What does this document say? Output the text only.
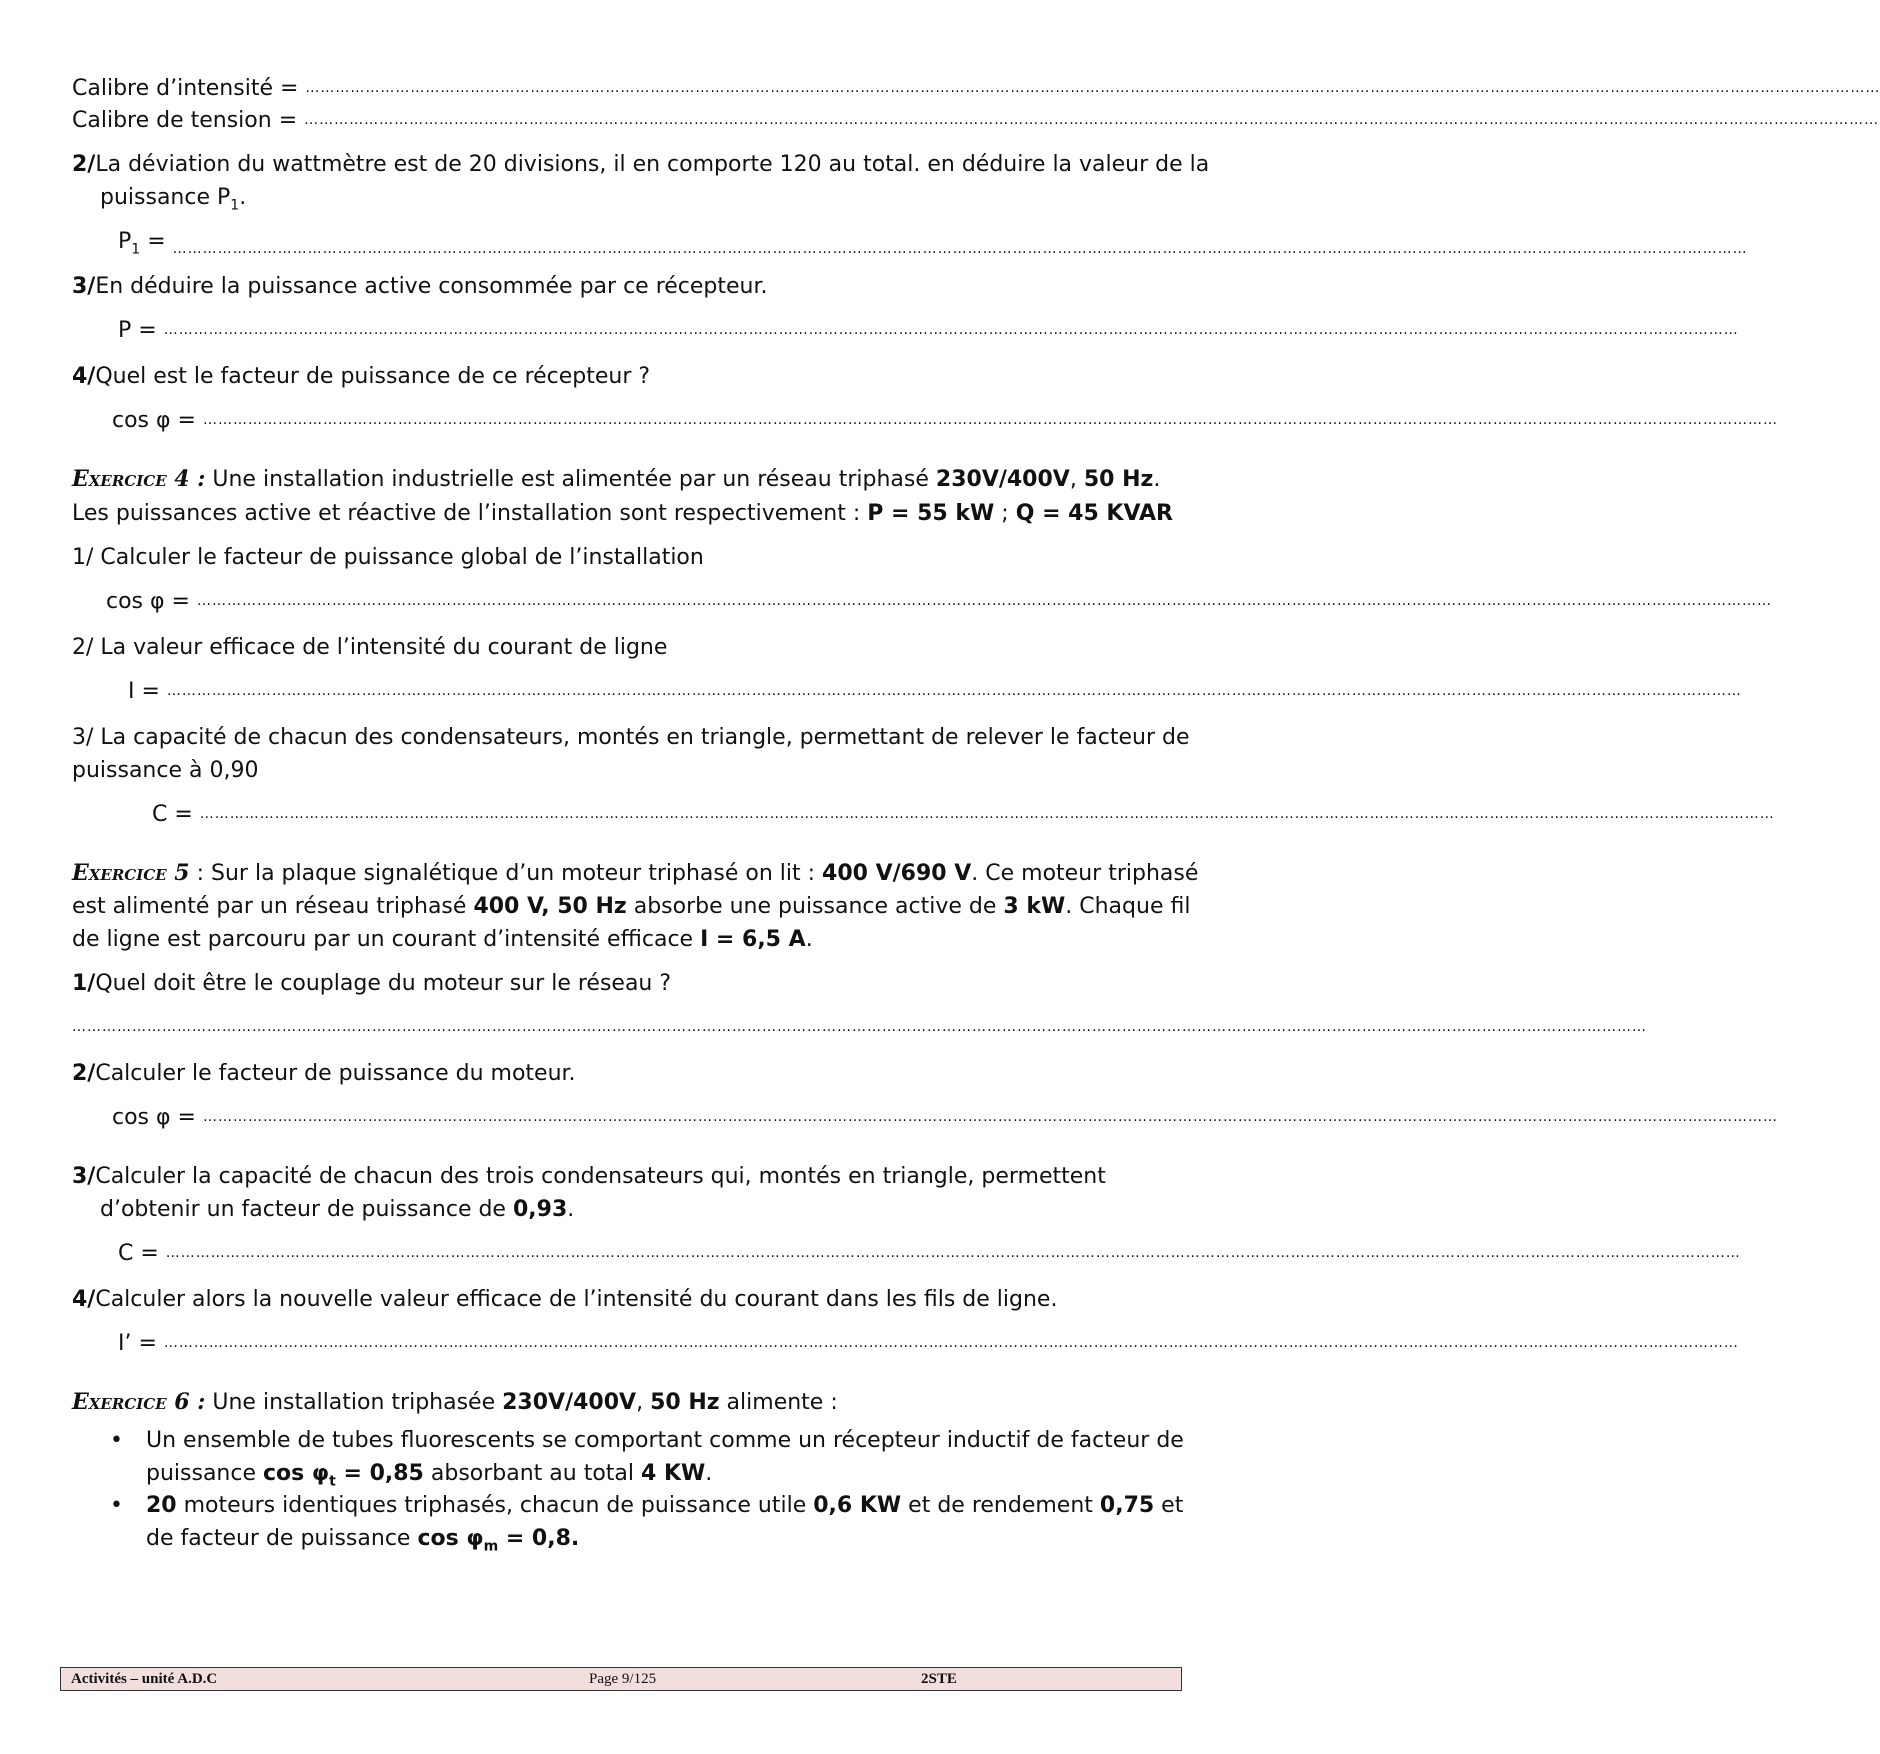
Calibre d’intensité = ………………………………………………………………………………………………………………………………………………………………………………………………………………………………………………………………………………………
Calibre de tension = ………………………………………………………………………………………………………………………………………………………………………………………………………………………………………………………………………………………
2/La déviation du wattmètre est de 20 divisions, il en comporte 120 au total. en déduire la valeur de la
puissance $P_1$.
$P_1$ = ………………………………………………………………………………………………………………………………………………………………………………………………………………………………………………………………………………………
3/En déduire la puissance active consommée par ce récepteur.
P = ………………………………………………………………………………………………………………………………………………………………………………………………………………………………………………………………………………………
4/Quel est le facteur de puissance de ce récepteur ?
cos φ = ………………………………………………………………………………………………………………………………………………………………………………………………………………………………………………………………………………………
Exercice 4 : Une installation industrielle est alimentée par un réseau triphasé 230V/400V, 50 Hz.
Les puissances active et réactive de l’installation sont respectivement : P = 55 kW ; Q = 45 KVAR
1/ Calculer le facteur de puissance global de l’installation
cos φ = ………………………………………………………………………………………………………………………………………………………………………………………………………………………………………………………………………………………
2/ La valeur efficace de l’intensité du courant de ligne
I = ………………………………………………………………………………………………………………………………………………………………………………………………………………………………………………………………………………………
3/ La capacité de chacun des condensateurs, montés en triangle, permettant de relever le facteur de
puissance à 0,90
C = ………………………………………………………………………………………………………………………………………………………………………………………………………………………………………………………………………………………
Exercice 5 : Sur la plaque signalétique d’un moteur triphasé on lit : 400 V/690 V. Ce moteur triphasé
est alimenté par un réseau triphasé 400 V, 50 Hz absorbe une puissance active de 3 kW. Chaque fil
de ligne est parcouru par un courant d’intensité efficace I = 6,5 A.
1/Quel doit être le couplage du moteur sur le réseau ?
………………………………………………………………………………………………………………………………………………………………………………………………………………………………………………………………………………………
2/Calculer le facteur de puissance du moteur.
cos φ = ………………………………………………………………………………………………………………………………………………………………………………………………………………………………………………………………………………………
3/Calculer la capacité de chacun des trois condensateurs qui, montés en triangle, permettent
d’obtenir un facteur de puissance de 0,93.
C = ………………………………………………………………………………………………………………………………………………………………………………………………………………………………………………………………………………………
4/Calculer alors la nouvelle valeur efficace de l’intensité du courant dans les fils de ligne.
I’ = ………………………………………………………………………………………………………………………………………………………………………………………………………………………………………………………………………………………
Exercice 6 : Une installation triphasée 230V/400V, 50 Hz alimente :
• Un ensemble de tubes fluorescents se comportant comme un récepteur inductif de facteur de
puissance $\cos \varphi_t = 0,85$ absorbant au total 4 KW.
• 20 moteurs identiques triphasés, chacun de puissance utile 0,6 KW et de rendement 0,75 et
de facteur de puissance $\cos \varphi_m = 0,8$.
Activités – unité A.D.C	Page 9/125	2STE
